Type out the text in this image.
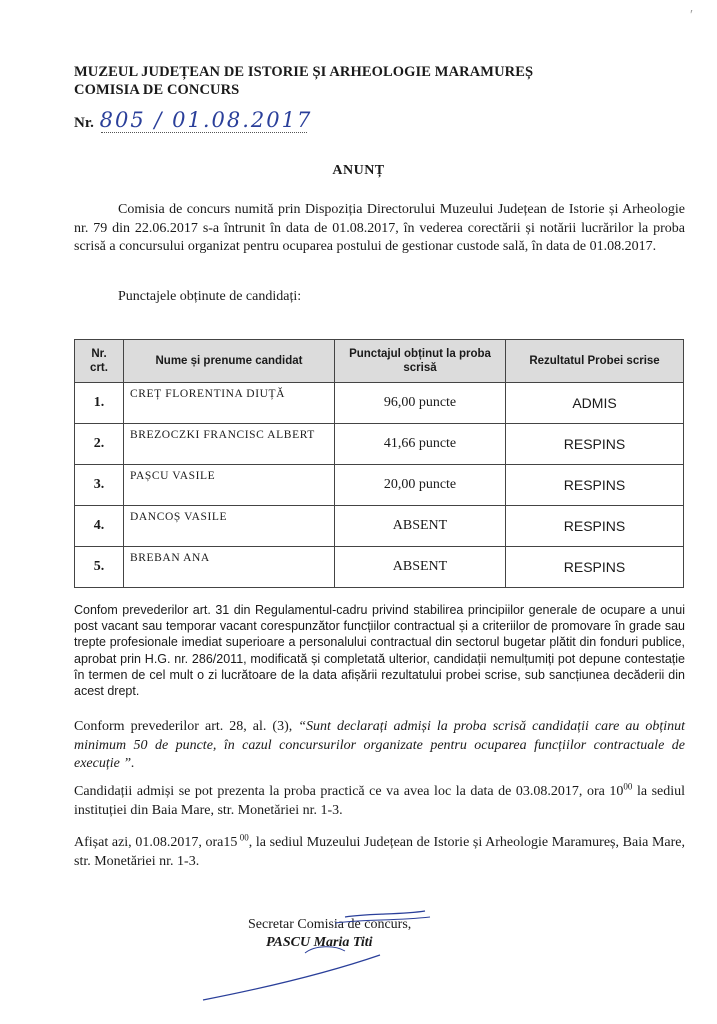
MUZEUL JUDEȚEAN DE ISTORIE ȘI ARHEOLOGIE MARAMUREȘ
COMISIA DE CONCURS
Nr. 805 / 01.08.2017
ANUNȚ
Comisia de concurs numită prin Dispoziția Directorului Muzeului Județean de Istorie și Arheologie nr. 79 din 22.06.2017 s-a întrunit în data de 01.08.2017, în vederea corectării și notării lucrărilor la proba scrisă a concursului organizat pentru ocuparea postului de gestionar custode sală, în data de 01.08.2017.
Punctajele obținute de candidați:
Nr. crt.	Nume și prenume candidat	Punctajul obținut la proba scrisă	Rezultatul Probei scrise
1.	CREȚ FLORENTINA DIUȚĂ	96,00 puncte	ADMIS
2.	BREZOCZKI FRANCISC ALBERT	41,66 puncte	RESPINS
3.	PAȘCU VASILE	20,00 puncte	RESPINS
4.	DANCOȘ VASILE	ABSENT	RESPINS
5.	BREBAN ANA	ABSENT	RESPINS
Confom prevederilor art. 31 din Regulamentul-cadru privind stabilirea principiilor generale de ocupare a unui post vacant sau temporar vacant corespunzător funcțiilor contractual și a criteriilor de promovare în grade sau trepte profesionale imediat superioare a personalului contractual din sectorul bugetar plătit din fonduri publice, aprobat prin H.G. nr. 286/2011, modificată și completată ulterior, candidații nemulțumiți pot depune contestație în termen de cel mult o zi lucrătoare de la data afișării rezultatului probei scrise, sub sancțiunea decăderii din acest drept.
Conform prevederilor art. 28, al. (3), “Sunt declarați admiși la proba scrisă candidații care au obținut minimum 50 de puncte, în cazul concursurilor organizate pentru ocuparea funcțiilor contractuale de execuție ”.
Candidații admiși se pot prezenta la proba practică ce va avea loc la data de 03.08.2017, ora $10^{00}$ la sediul instituției din Baia Mare, str. Monetăriei nr. 1-3.
Afișat azi, 01.08.2017, ora15 $^{00}$, la sediul Muzeului Județean de Istorie și Arheologie Maramureș, Baia Mare, str. Monetăriei nr. 1-3.
Secretar Comisia de concurs,
PASCU Maria Titi
′
